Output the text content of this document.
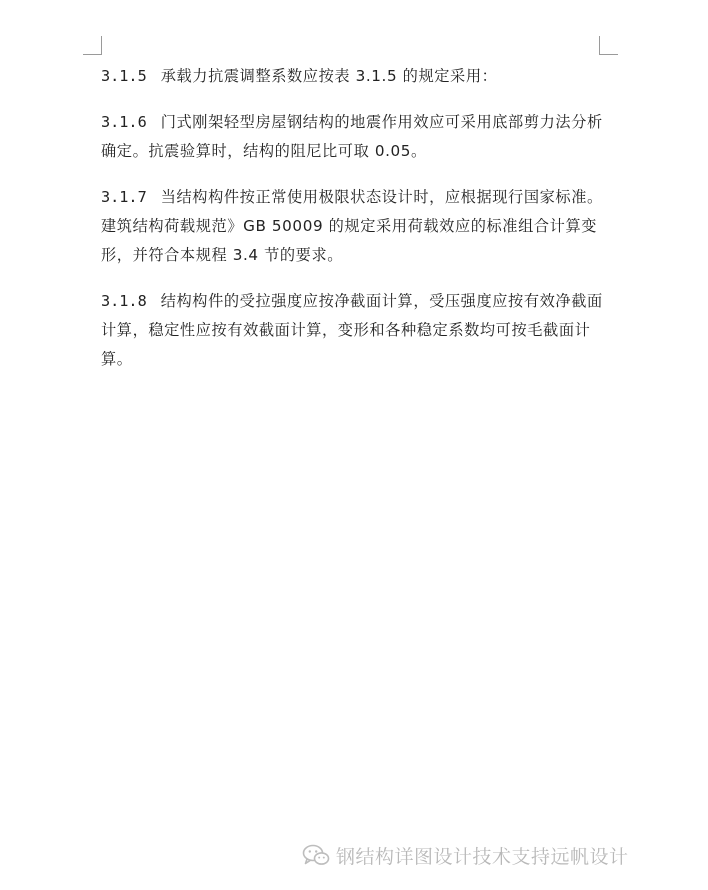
3.1.5 承载力抗震调整系数应按表 3.1.5 的规定采用：

3.1.6 门式刚架轻型房屋钢结构的地震作用效应可采用底部剪力法分析确定。抗震验算时，结构的阻尼比可取 0.05。

3.1.7 当结构构件按正常使用极限状态设计时，应根据现行国家标准。建筑结构荷载规范》GB 50009 的规定采用荷载效应的标准组合计算变形，并符合本规程 3.4 节的要求。

3.1.8 结构构件的受拉强度应按净截面计算，受压强度应按有效净截面计算，稳定性应按有效截面计算，变形和各种稳定系数均可按毛截面计算。

钢结构详图设计技术支持远帆设计
